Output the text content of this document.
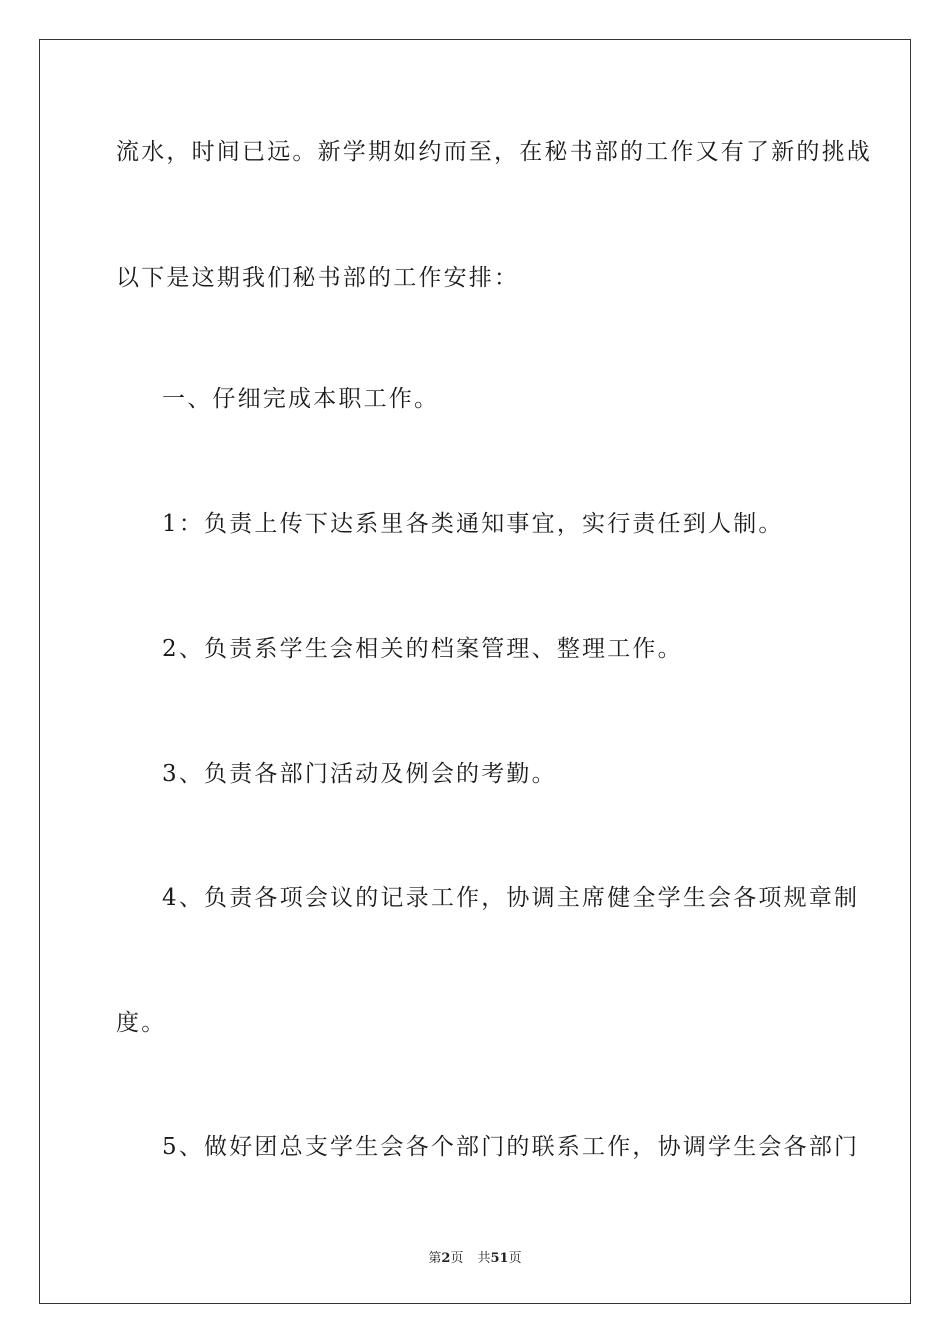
流水，时间已远。新学期如约而至，在秘书部的工作又有了新的挑战
以下是这期我们秘书部的工作安排：
一、仔细完成本职工作。
1：负责上传下达系里各类通知事宜，实行责任到人制。
2、负责系学生会相关的档案管理、整理工作。
3、负责各部门活动及例会的考勤。
4、负责各项会议的记录工作，协调主席健全学生会各项规章制
度。
5、做好团总支学生会各个部门的联系工作，协调学生会各部门
第2页 共51页
